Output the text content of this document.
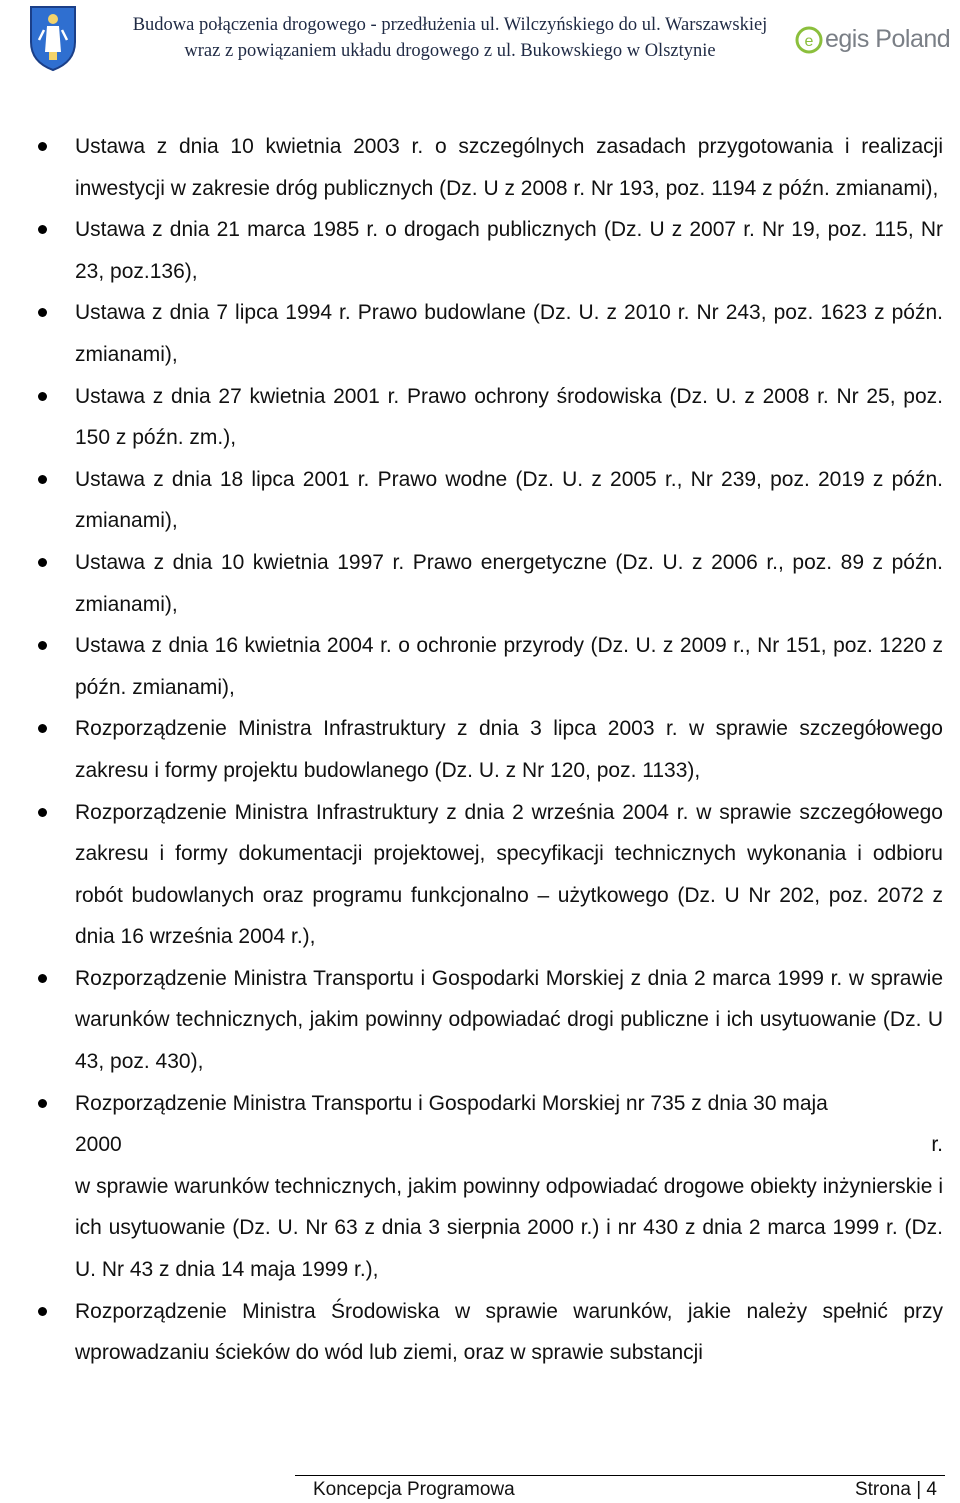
Budowa połączenia drogowego - przedłużenia ul. Wilczyńskiego do ul. Warszawskiej
wraz z powiązaniem układu drogowego z ul. Bukowskiego w Olsztynie	e egis Poland
Ustawa z dnia 10 kwietnia 2003 r. o szczególnych zasadach przygotowania i realizacji inwestycji w zakresie dróg publicznych (Dz. U z 2008 r. Nr 193, poz. 1194 z późn. zmianami),
Ustawa z dnia 21 marca 1985 r. o drogach publicznych (Dz. U z 2007 r. Nr 19, poz. 115, Nr 23, poz.136),
Ustawa z dnia 7 lipca 1994 r. Prawo budowlane (Dz. U. z 2010 r. Nr 243, poz. 1623 z późn. zmianami),
Ustawa z dnia 27 kwietnia 2001 r. Prawo ochrony środowiska (Dz. U. z 2008 r. Nr 25, poz. 150 z późn. zm.),
Ustawa z dnia 18 lipca 2001 r. Prawo wodne (Dz. U. z 2005 r., Nr 239, poz. 2019 z późn. zmianami),
Ustawa z dnia 10 kwietnia 1997 r. Prawo energetyczne (Dz. U. z 2006 r., poz. 89 z późn. zmianami),
Ustawa z dnia 16 kwietnia 2004 r. o ochronie przyrody (Dz. U. z 2009 r., Nr 151, poz. 1220 z późn. zmianami),
Rozporządzenie Ministra Infrastruktury z dnia 3 lipca 2003 r. w sprawie szczegółowego zakresu i formy projektu budowlanego (Dz. U. z Nr 120, poz. 1133),
Rozporządzenie Ministra Infrastruktury z dnia 2 września 2004 r. w sprawie szczegółowego zakresu i formy dokumentacji projektowej, specyfikacji technicznych wykonania i odbioru robót budowlanych oraz programu funkcjonalno – użytkowego (Dz. U Nr 202, poz. 2072 z dnia 16 września 2004 r.),
Rozporządzenie Ministra Transportu i Gospodarki Morskiej z dnia 2 marca 1999 r. w sprawie warunków technicznych, jakim powinny odpowiadać drogi publiczne i ich usytuowanie (Dz. U 43, poz. 430),
Rozporządzenie Ministra Transportu i Gospodarki Morskiej nr 735 z dnia 30 maja
2000	r.
w sprawie warunków technicznych, jakim powinny odpowiadać drogowe obiekty inżynierskie i ich usytuowanie (Dz. U. Nr 63 z dnia 3 sierpnia 2000 r.) i nr 430 z dnia 2 marca 1999 r. (Dz. U. Nr 43 z dnia 14 maja 1999 r.),
Rozporządzenie Ministra Środowiska w sprawie warunków, jakie należy spełnić przy wprowadzaniu ścieków do wód lub ziemi, oraz w sprawie substancji
Koncepcja Programowa	Strona | 4
